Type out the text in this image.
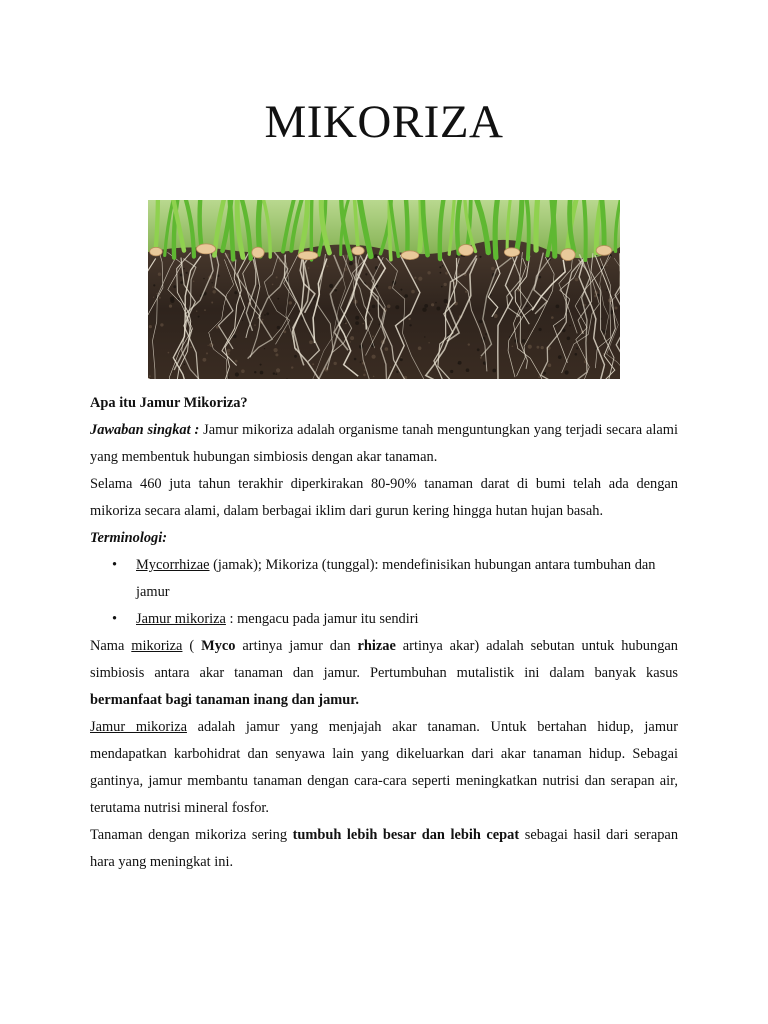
MIKORIZA

Apa itu Jamur Mikoriza?

Jawaban singkat : Jamur mikoriza adalah organisme tanah menguntungkan yang terjadi secara alami yang membentuk hubungan simbiosis dengan akar tanaman.

Selama 460 juta tahun terakhir diperkirakan 80-90% tanaman darat di bumi telah ada dengan mikoriza secara alami, dalam berbagai iklim dari gurun kering hingga hutan hujan basah.

Terminologi:

• Mycorrhizae (jamak); Mikoriza (tunggal): mendefinisikan hubungan antara tumbuhan dan jamur
• Jamur mikoriza : mengacu pada jamur itu sendiri

Nama mikoriza ( Myco artinya jamur dan rhizae artinya akar) adalah sebutan untuk hubungan simbiosis antara akar tanaman dan jamur. Pertumbuhan mutalistik ini dalam banyak kasus bermanfaat bagi tanaman inang dan jamur.

Jamur mikoriza adalah jamur yang menjajah akar tanaman. Untuk bertahan hidup, jamur mendapatkan karbohidrat dan senyawa lain yang dikeluarkan dari akar tanaman hidup. Sebagai gantinya, jamur membantu tanaman dengan cara-cara seperti meningkatkan nutrisi dan serapan air, terutama nutrisi mineral fosfor.

Tanaman dengan mikoriza sering tumbuh lebih besar dan lebih cepat sebagai hasil dari serapan hara yang meningkat ini.
